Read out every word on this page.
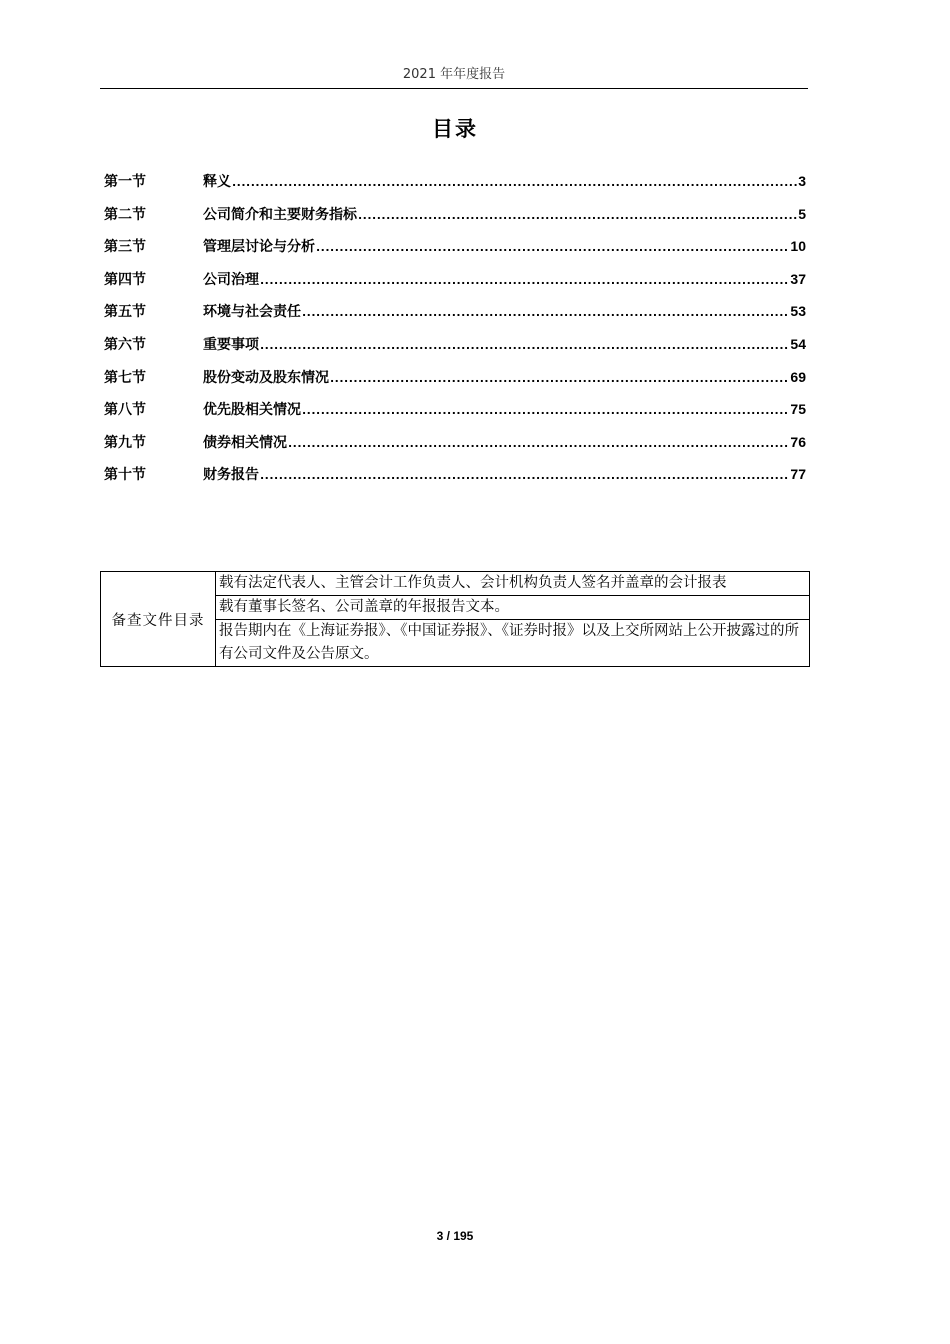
2021 年年度报告
目录
第一节	释义 .....	3
第二节	公司简介和主要财务指标 .....	5
第三节	管理层讨论与分析 .....	10
第四节	公司治理 .....	37
第五节	环境与社会责任 .....	53
第六节	重要事项 .....	54
第七节	股份变动及股东情况 .....	69
第八节	优先股相关情况 .....	75
第九节	债券相关情况 .....	76
第十节	财务报告 .....	77
备查文件目录	载有法定代表人、主管会计工作负责人、会计机构负责人签名并盖章的会计报表
载有董事长签名、公司盖章的年报报告文本。
报告期内在《上海证券报》、《中国证券报》、《证券时报》以及上交所网站上公开披露过的所有公司文件及公告原文。
3 / 195
